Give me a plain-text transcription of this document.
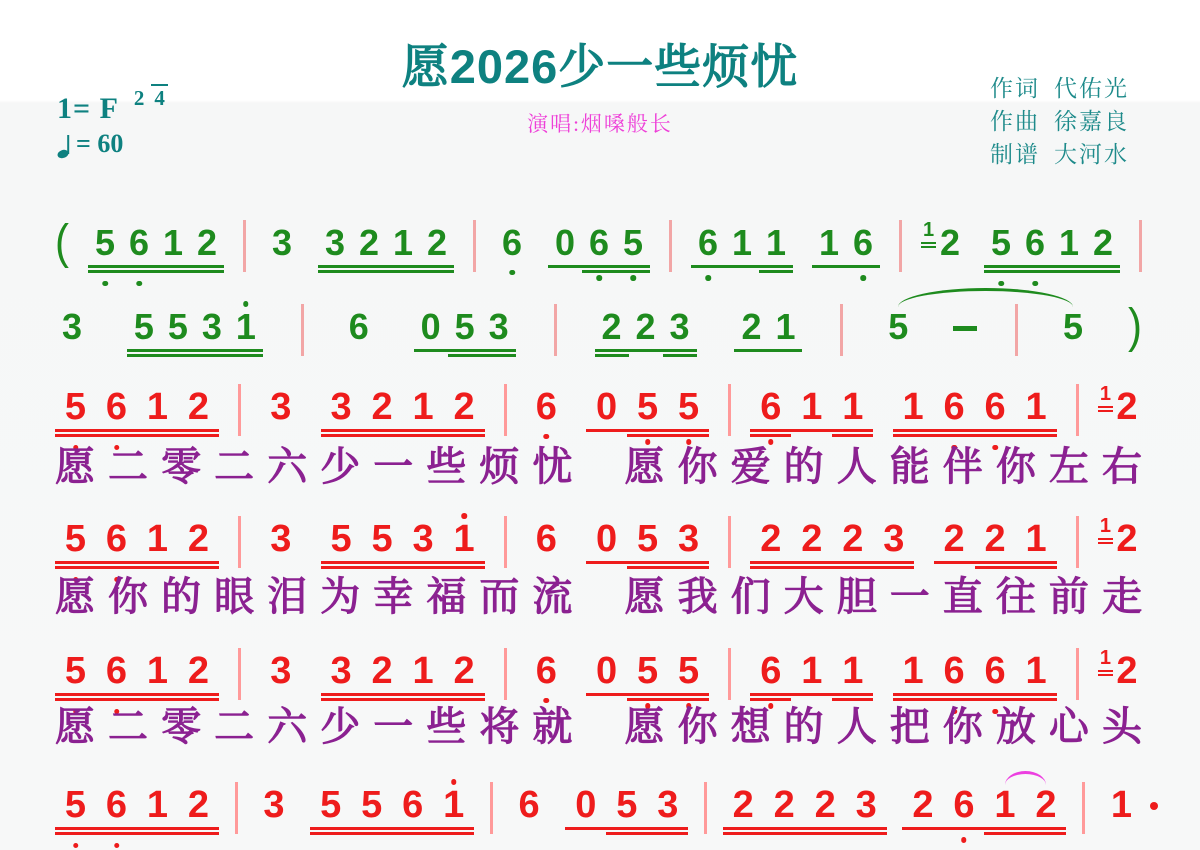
愿2026少一些烦忧
演唱:烟嗓般长
作词 代佑光
作曲 徐嘉良
制谱 大河水
1= F 2 4
= 60
( 5 6 1 2 3 3 2 1 2 6 0 6 5 6 1 1 1 6	1 2 5 6 1 2
3 5 5 3 1	6 0 5 3	2 2 3 2 1	5	5 )
5 6 1 2 3 3 2 1 2 6 0 5 5 6 1 1 1 6 6 1	1 2
5 6 1 2 3 5 5 3 1 6 0 5 3 2 2 2 3 2 2 1	1 2
5 6 1 2 3 3 2 1 2 6 0 5 5 6 1 1 1 6 6 1	1 2
5 6 1 2 3 5 5 6 1 6 0 5 3 2 2 2 3 2 6 1 2 1
愿 二 零 二 六 少 一 些 烦 忧 愿 你 爱 的 人 能 伴 你 左 右
愿 你 的 眼 泪 为 幸 福 而 流 愿 我 们 大 胆 一 直 往 前 走
愿 二 零 二 六 少 一 些 将 就 愿 你 想 的 人 把 你 放 心 头
